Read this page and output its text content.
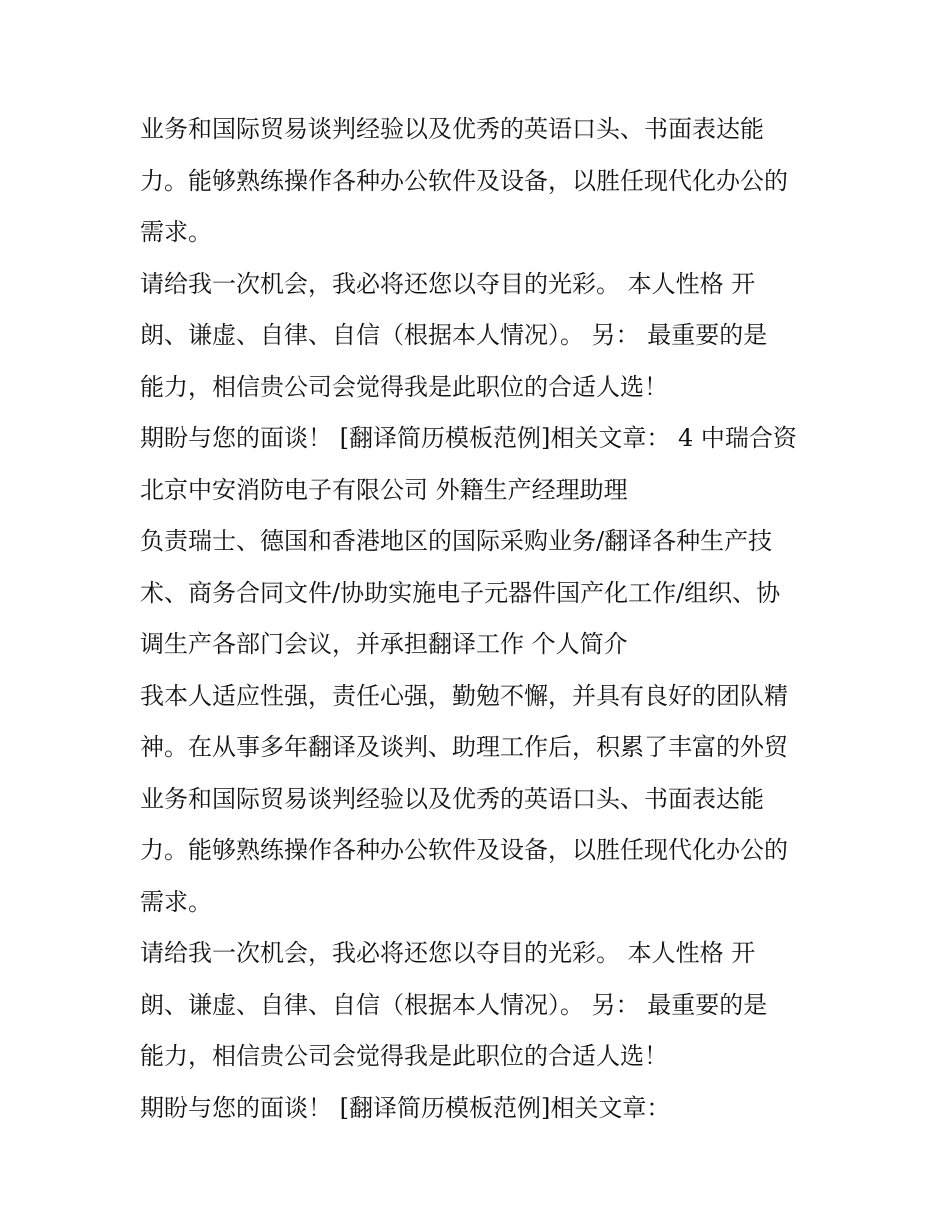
业务和国际贸易谈判经验以及优秀的英语口头、书面表达能
力。能够熟练操作各种办公软件及设备，以胜任现代化办公的
需求。
请给我一次机会，我必将还您以夺目的光彩。 本人性格 开
朗、谦虚、自律、自信（根据本人情况）。 另： 最重要的是
能力，相信贵公司会觉得我是此职位的合适人选！
期盼与您的面谈！ [翻译简历模板范例]相关文章： 4 中瑞合资
北京中安消防电子有限公司 外籍生产经理助理
负责瑞士、德国和香港地区的国际采购业务/翻译各种生产技
术、商务合同文件/协助实施电子元器件国产化工作/组织、协
调生产各部门会议，并承担翻译工作 个人简介
我本人适应性强，责任心强，勤勉不懈，并具有良好的团队精
神。在从事多年翻译及谈判、助理工作后，积累了丰富的外贸
业务和国际贸易谈判经验以及优秀的英语口头、书面表达能
力。能够熟练操作各种办公软件及设备，以胜任现代化办公的
需求。
请给我一次机会，我必将还您以夺目的光彩。 本人性格 开
朗、谦虚、自律、自信（根据本人情况）。 另： 最重要的是
能力，相信贵公司会觉得我是此职位的合适人选！
期盼与您的面谈！ [翻译简历模板范例]相关文章：
